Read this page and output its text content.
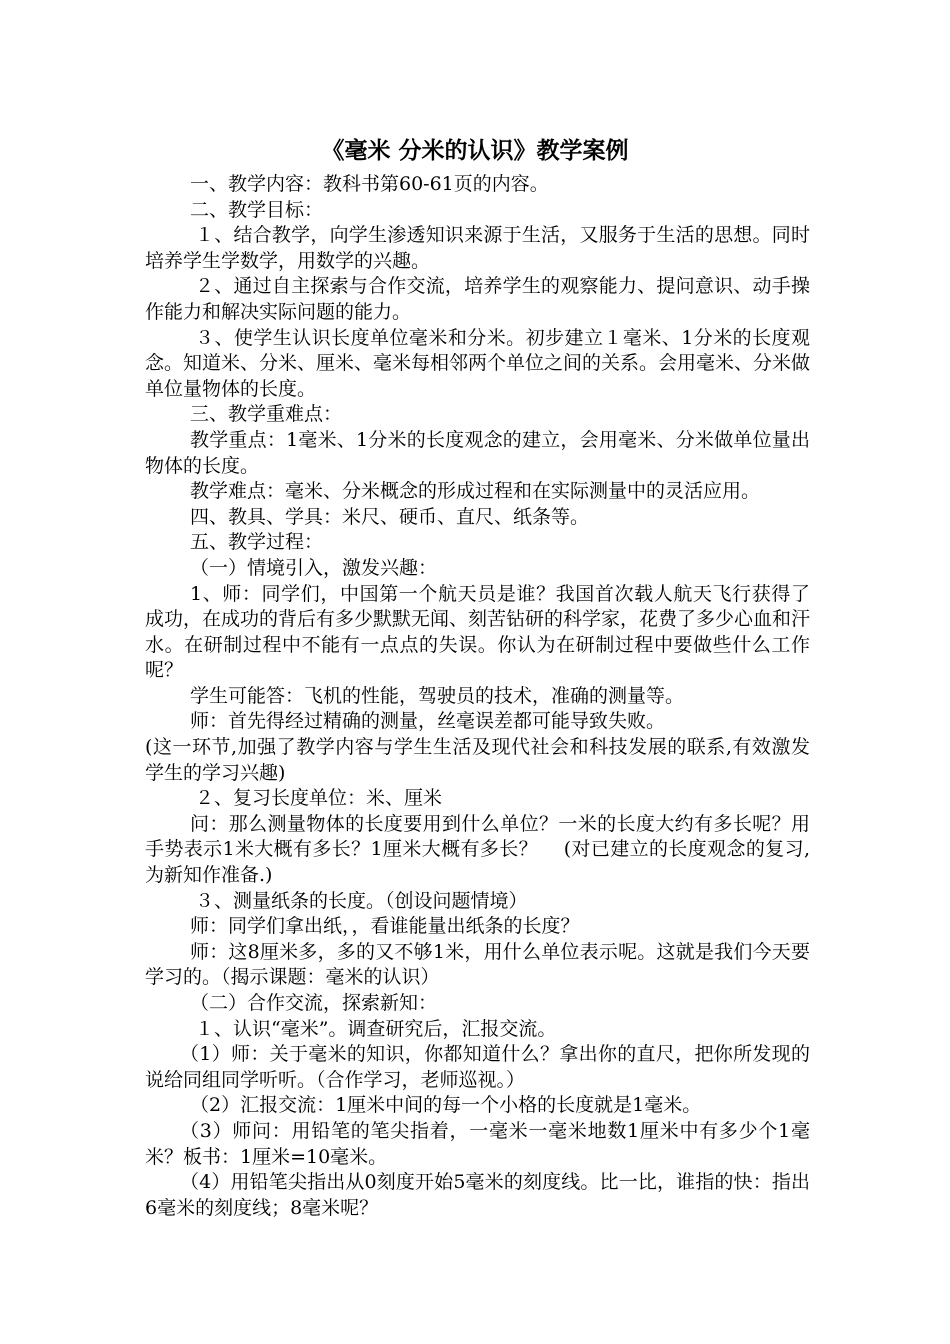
《毫米 分米的认识》教学案例

一、教学内容：教科书第60-61页的内容。

二、教学目标：

１、结合教学，向学生渗透知识来源于生活，又服务于生活的思想。同时培养学生学数学，用数学的兴趣。

２、通过自主探索与合作交流，培养学生的观察能力、提问意识、动手操作能力和解决实际问题的能力。

３、使学生认识长度单位毫米和分米。初步建立１毫米、1分米的长度观念。知道米、分米、厘米、毫米每相邻两个单位之间的关系。会用毫米、分米做单位量物体的长度。

三、教学重难点：

教学重点：1毫米、1分米的长度观念的建立，会用毫米、分米做单位量出物体的长度。

教学难点：毫米、分米概念的形成过程和在实际测量中的灵活应用。

四、教具、学具：米尺、硬币、直尺、纸条等。

五、教学过程：

（一）情境引入，激发兴趣：

1、师：同学们，中国第一个航天员是谁？我国首次载人航天飞行获得了成功，在成功的背后有多少默默无闻、刻苦钻研的科学家，花费了多少心血和汗水。在研制过程中不能有一点点的失误。你认为在研制过程中要做些什么工作呢？

学生可能答：飞机的性能，驾驶员的技术，准确的测量等。

师：首先得经过精确的测量，丝毫误差都可能导致失败。

(这一环节,加强了教学内容与学生生活及现代社会和科技发展的联系,有效激发学生的学习兴趣)

２、复习长度单位：米、厘米

问：那么测量物体的长度要用到什么单位？一米的长度大约有多长呢？用手势表示1米大概有多长？1厘米大概有多长？　 (对已建立的长度观念的复习,为新知作准备.)

３、测量纸条的长度。（创设问题情境）

师：同学们拿出纸，，看谁能量出纸条的长度？

师：这8厘米多，多的又不够1米，用什么单位表示呢。这就是我们今天要学习的。（揭示课题：毫米的认识）

（二）合作交流，探索新知：

１、认识“毫米”。调查研究后，汇报交流。

（1）师：关于毫米的知识，你都知道什么？拿出你的直尺，把你所发现的说给同组同学听听。（合作学习，老师巡视。）

（2）汇报交流：1厘米中间的每一个小格的长度就是1毫米。

（3）师问：用铅笔的笔尖指着，一毫米一毫米地数1厘米中有多少个1毫米？板书：1厘米=10毫米。

（4）用铅笔尖指出从0刻度开始5毫米的刻度线。比一比，谁指的快：指出6毫米的刻度线；8毫米呢？
